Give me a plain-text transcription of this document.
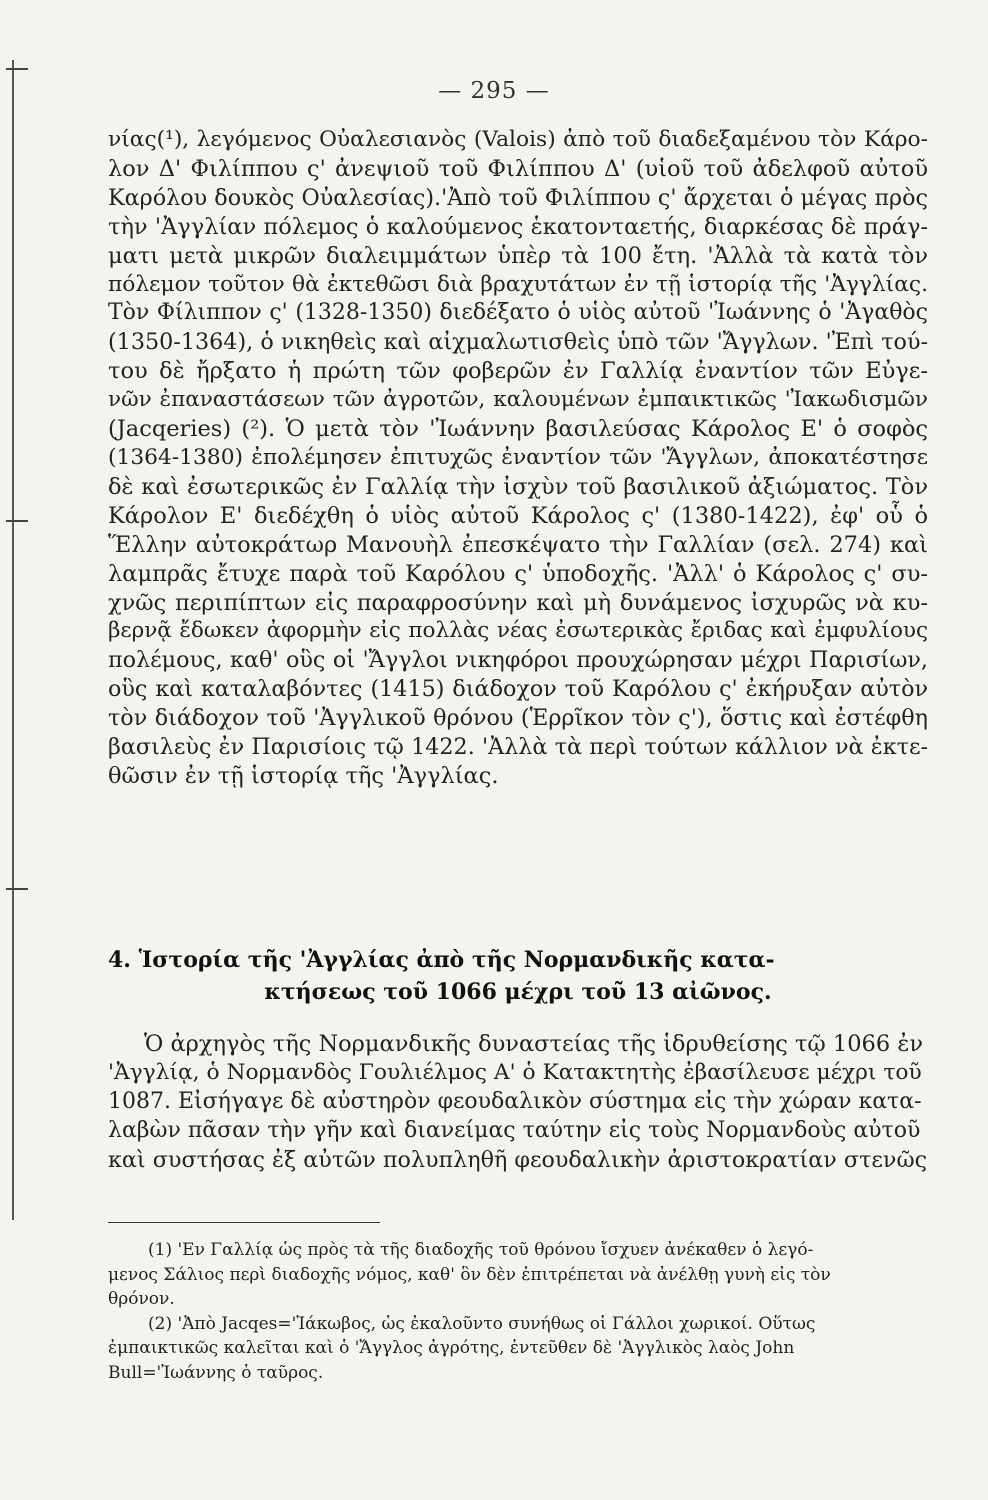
— 295 —
νίας(¹), λεγόμενος Οὐαλεσιανὸς (Valois) ἀπὸ τοῦ διαδεξαμένου τὸν Κάρο-
λον Δ' Φιλίππου ς' ἀνεψιοῦ τοῦ Φιλίππου Δ' (υἱοῦ τοῦ ἀδελφοῦ αὐτοῦ
Καρόλου δουκὸς Οὐαλεσίας).'Ἀπὸ τοῦ Φιλίππου ς' ἄρχεται ὁ μέγας πρὸς
τὴν 'Ἀγγλίαν πόλεμος ὁ καλούμενος ἑκατονταετής, διαρκέσας δὲ πράγ-
ματι μετὰ μικρῶν διαλειμμάτων ὑπὲρ τὰ 100 ἔτη. 'Ἀλλὰ τὰ κατὰ τὸν
πόλεμον τοῦτον θὰ ἐκτεθῶσι διὰ βραχυτάτων ἐν τῇ ἱστορίᾳ τῆς 'Ἀγγλίας.
Τὸν Φίλιππον ς' (1328-1350) διεδέξατο ὁ υἱὸς αὐτοῦ 'Ἰωάννης ὁ 'Ἀγαθὸς
(1350-1364), ὁ νικηθεὶς καὶ αἰχμαλωτισθεὶς ὑπὸ τῶν 'Ἄγγλων. 'Ἐπὶ τού-
του δὲ ἤρξατο ἡ πρώτη τῶν φοβερῶν ἐν Γαλλίᾳ ἐναντίον τῶν Εὐγε-
νῶν ἐπαναστάσεων τῶν ἀγροτῶν, καλουμένων ἐμπαικτικῶς 'Ἰακωδισμῶν
(Jacqeries) (²). Ὁ μετὰ τὸν 'Ἰωάννην βασιλεύσας Κάρολος Ε' ὁ σοφὸς
(1364-1380) ἐπολέμησεν ἐπιτυχῶς ἐναντίον τῶν 'Ἄγγλων, ἀποκατέστησε
δὲ καὶ ἐσωτερικῶς ἐν Γαλλίᾳ τὴν ἰσχὺν τοῦ βασιλικοῦ ἀξιώματος. Τὸν
Κάρολον Ε' διεδέχθη ὁ υἱὸς αὐτοῦ Κάρολος ς' (1380-1422), ἐφ' οὗ ὁ
Ἕλλην αὐτοκράτωρ Μανουὴλ ἐπεσκέψατο τὴν Γαλλίαν (σελ. 274) καὶ
λαμπρᾶς ἔτυχε παρὰ τοῦ Καρόλου ς' ὑποδοχῆς. 'Ἀλλ' ὁ Κάρολος ς' συ-
χνῶς περιπίπτων εἰς παραφροσύνην καὶ μὴ δυνάμενος ἰσχυρῶς νὰ κυ-
βερνᾷ ἔδωκεν ἀφορμὴν εἰς πολλὰς νέας ἐσωτερικὰς ἔριδας καὶ ἐμφυλίους
πολέμους, καθ' οὓς οἱ 'Ἄγγλοι νικηφόροι προυχώρησαν μέχρι Παρισίων,
οὓς καὶ καταλαβόντες (1415) διάδοχον τοῦ Καρόλου ς' ἐκήρυξαν αὐτὸν
τὸν διάδοχον τοῦ 'Ἀγγλικοῦ θρόνου (Ἑρρῖκον τὸν ς'), ὅστις καὶ ἐστέφθη
βασιλεὺς ἐν Παρισίοις τῷ 1422. 'Ἀλλὰ τὰ περὶ τούτων κάλλιον νὰ ἐκτε-
θῶσιν ἐν τῇ ἱστορίᾳ τῆς 'Ἀγγλίας.
4. Ἱστορία τῆς 'Ἀγγλίας ἀπὸ τῆς Νορμανδικῆς κατα-
κτήσεως τοῦ 1066 μέχρι τοῦ 13 αἰῶνος.
Ὁ ἀρχηγὸς τῆς Νορμανδικῆς δυναστείας τῆς ἱδρυθείσης τῷ 1066 ἐν
'Ἀγγλίᾳ, ὁ Νορμανδὸς Γουλιέλμος Α' ὁ Κατακτητὴς ἐβασίλευσε μέχρι τοῦ
1087. Εἰσήγαγε δὲ αὐστηρὸν φεουδαλικὸν σύστημα εἰς τὴν χώραν κατα-
λαβὼν πᾶσαν τὴν γῆν καὶ διανείμας ταύτην εἰς τοὺς Νορμανδοὺς αὐτοῦ
καὶ συστήσας ἐξ αὐτῶν πολυπληθῆ φεουδαλικὴν ἀριστοκρατίαν στενῶς
(1) 'Εν Γαλλίᾳ ὡς πρὸς τὰ τῆς διαδοχῆς τοῦ θρόνου ἴσχυεν ἀνέκαθεν ὁ λεγό-
μενος Σάλιος περὶ διαδοχῆς νόμος, καθ' ὃν δὲν ἐπιτρέπεται νὰ ἀνέλθῃ γυνὴ εἰς τὸν
θρόνον.
(2) 'Ἀπὸ Jacqes='Ἰάκωβος, ὡς ἐκαλοῦντο συνήθως οἱ Γάλλοι χωρικοί. Οὕτως
ἐμπαικτικῶς καλεῖται καὶ ὁ 'Ἄγγλος ἀγρότης, ἐντεῦθεν δὲ 'Ἀγγλικὸς λαὸς John
Bull='Ἰωάννης ὁ ταῦρος.
